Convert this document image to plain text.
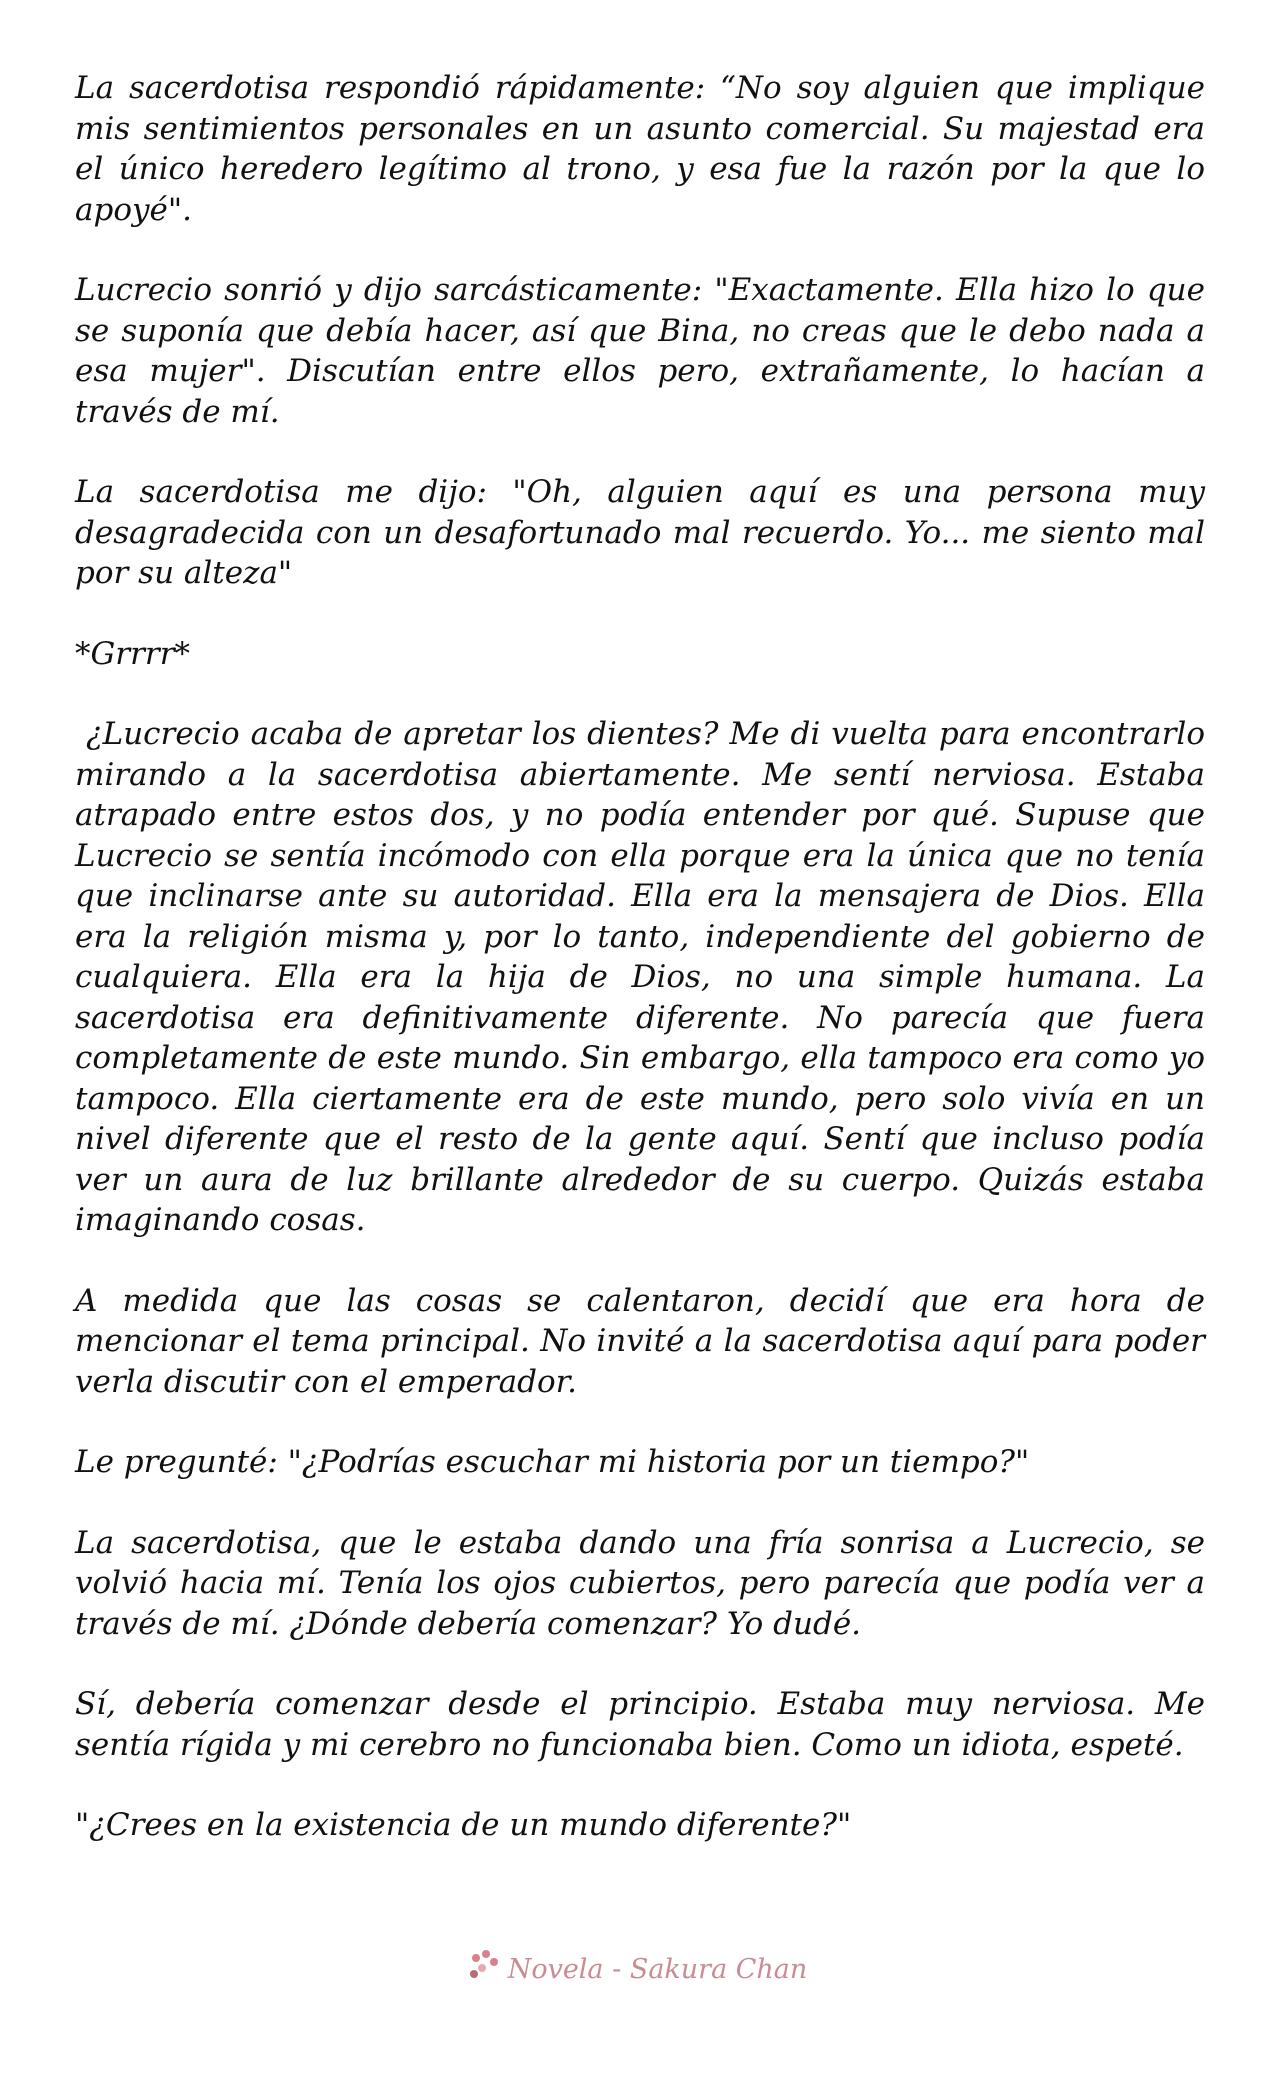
La sacerdotisa respondió rápidamente: “No soy alguien que implique mis sentimientos personales en un asunto comercial. Su majestad era el único heredero legítimo al trono, y esa fue la razón por la que lo apoyé".

Lucrecio sonrió y dijo sarcásticamente: "Exactamente. Ella hizo lo que se suponía que debía hacer, así que Bina, no creas que le debo nada a esa mujer". Discutían entre ellos pero, extrañamente, lo hacían a través de mí.

La sacerdotisa me dijo: "Oh, alguien aquí es una persona muy desagradecida con un desafortunado mal recuerdo. Yo... me siento mal por su alteza"

*Grrrr*

¿Lucrecio acaba de apretar los dientes? Me di vuelta para encontrarlo mirando a la sacerdotisa abiertamente. Me sentí nerviosa. Estaba atrapado entre estos dos, y no podía entender por qué. Supuse que Lucrecio se sentía incómodo con ella porque era la única que no tenía que inclinarse ante su autoridad. Ella era la mensajera de Dios. Ella era la religión misma y, por lo tanto, independiente del gobierno de cualquiera. Ella era la hija de Dios, no una simple humana. La sacerdotisa era definitivamente diferente. No parecía que fuera completamente de este mundo. Sin embargo, ella tampoco era como yo tampoco. Ella ciertamente era de este mundo, pero solo vivía en un nivel diferente que el resto de la gente aquí. Sentí que incluso podía ver un aura de luz brillante alrededor de su cuerpo. Quizás estaba imaginando cosas.

A medida que las cosas se calentaron, decidí que era hora de mencionar el tema principal. No invité a la sacerdotisa aquí para poder verla discutir con el emperador.

Le pregunté: "¿Podrías escuchar mi historia por un tiempo?"

La sacerdotisa, que le estaba dando una fría sonrisa a Lucrecio, se volvió hacia mí. Tenía los ojos cubiertos, pero parecía que podía ver a través de mí. ¿Dónde debería comenzar? Yo dudé.

Sí, debería comenzar desde el principio. Estaba muy nerviosa. Me sentía rígida y mi cerebro no funcionaba bien. Como un idiota, espeté.

"¿Crees en la existencia de un mundo diferente?"

Novela - Sakura Chan
